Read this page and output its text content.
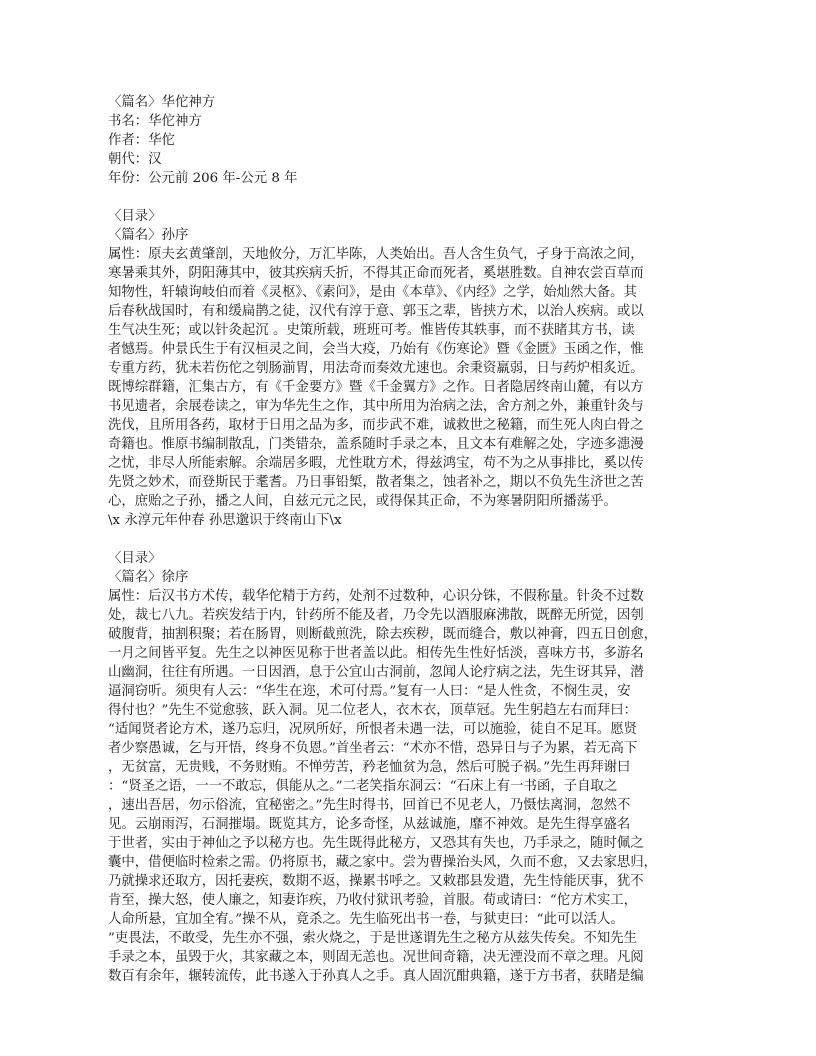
〈篇名〉华佗神方
书名：华佗神方
作者：华佗
朝代：汉
年份：公元前 206 年-公元 8 年
〈目录〉
〈篇名〉孙序
属性：原夫玄黄肇剖，天地攸分，万汇毕陈，人类始出。吾人含生负气，孑身于高浓之间，
寒暑乘其外，阴阳薄其中，彼其疾病夭折，不得其正命而死者，奚堪胜数。自神农尝百草而
知物性，轩辕询岐伯而着《灵枢》、《素问》，是由《本草》、《内经》之学，始灿然大备。其
后春秋战国时，有和缓扁鹊之徒，汉代有淳于意、郭玉之辈，皆挟方术，以治人疾病。或以
生气决生死；或以针灸起沉 。史策所载，班班可考。惟皆传其轶事，而不获睹其方书，读
者憾焉。仲景氏生于有汉桓灵之间，会当大疫，乃始有《伤寒论》暨《金匮》玉函之作，惟
专重方药，犹未若伤佗之刳肠湔胃，用法奇而奏效尤速也。余秉资羸弱，日与药炉相炙近。
既博综群籍，汇集古方，有《千金要方》暨《千金翼方》之作。日者隐居终南山麓，有以方
书见遗者，余展卷读之，审为华先生之作，其中所用为治病之法，舍方剂之外，兼重针灸与
洗伐，且所用各药，取材于日用之品为多，而步武不难，诚救世之秘籍，而生死人肉白骨之
奇籍也。惟原书编制散乱，门类错杂，盖系随时手录之本，且文本有难解之处，字迹多漶漫
之忧，非尽人所能索解。余端居多暇，尤性耽方术，得兹鸿宝，苟不为之从事排比，奚以传
先贤之妙术，而登斯民于耄耆。乃日事铅椠，散者集之，蚀者补之，期以不负先生济世之苦
心，庶贻之子孙，播之人间，自兹元元之民，或得保其正命，不为寒暑阴阳所播荡乎。
\x 永淳元年仲春 孙思邈识于终南山下\x
〈目录〉
〈篇名〉徐序
属性：后汉书方术传，载华佗精于方药，处剂不过数种，心识分铢，不假称量。针灸不过数
处，裁七八九。若疾发结于内，针药所不能及者，乃令先以酒服麻沸散，既醉无所觉，因刳
破腹背，抽割积聚；若在肠胃，则断截煎洗，除去疾秽，既而缝合，敷以神膏，四五日创愈，
一月之间皆平复。先生之以神医见称于世者盖以此。相传先生性好恬淡，喜味方书，多游名
山幽洞，往往有所遇。一日因酒，息于公宜山古洞前，忽闻人论疗病之法，先生讶其异，潜
逼洞窃听。须臾有人云：“华生在迩，术可付焉。”复有一人曰：“是人性贪，不悯生灵，安
得付也？”先生不觉愈骇，跃入洞。见二位老人，衣木衣，顶草冠。先生躬趋左右而拜曰：
“适闻贤者论方术，遂乃忘归，况夙所好，所恨者未遇一法，可以施验，徒自不足耳。愿贤
者少察愚诚，乞与开悟，终身不负恩。”首坐者云：“术亦不惜，恐异日与子为累，若无高下
，无贫富，无贵贱，不务财贿。不惮劳苦，矜老恤贫为急，然后可脱子祸。”先生再拜谢曰
：“贤圣之语，一一不敢忘，俱能从之。”二老笑指东洞云：“石床上有一书函，子自取之
，速出吾居，勿示俗流，宜秘密之。”先生时得书，回首已不见老人，乃慑怯离洞，忽然不
见。云崩雨泻，石洞摧塌。既览其方，论多奇怪，从兹诚施，靡不神效。是先生得享盛名
于世者，实由于神仙之予以秘方也。先生既得此秘方，又恐其有失也，乃手录之，随时佩之
囊中，借便临时检索之需。仍将原书，藏之家中。尝为曹操治头风，久而不愈，又去家思归，
乃就操求还取方，因托妻疾，数期不返，操累书呼之。又敕郡县发遣，先生恃能厌事，犹不
肯至，操大怒，使人廉之，知妻诈疾，乃收付狱讯考验，首服。荀或请曰：“佗方术实工，
人命所悬，宜加全宥。”操不从，竟杀之。先生临死出书一卷，与狱吏曰：“此可以活人。
”吏畏法，不敢受，先生亦不强，索火烧之，于是世遂谓先生之秘方从兹失传矣。不知先生
手录之本，虽毁于火，其家藏之本，则固无恙也。况世间奇籍，决无湮没而不章之理。凡阅
数百有余年，辗转流传，此书遂入于孙真人之手。真人固沉酣典籍，遂于方书者，获睹是编
